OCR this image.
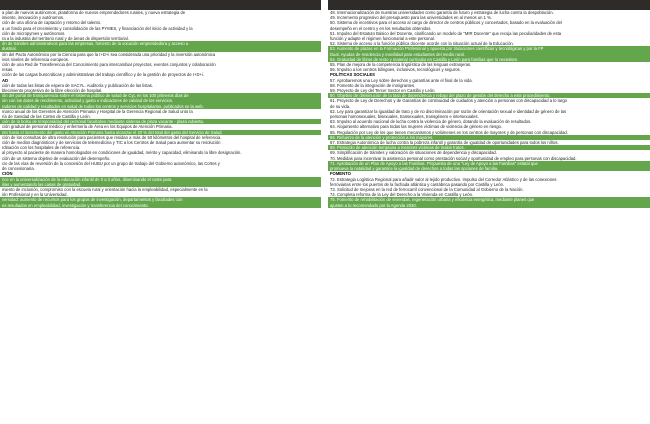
a plan de nuevos autónomos, plataforma de nuevos emprendedores rurales, y nueva estrategia de
imiento, innovación y autónomos.
ción de una oficina de captación y retorno del talento.
a un fondo para el crecimiento y consolidación de las PYMES, y financiación del inicio de actividad y la
ción de micropymes y autónomos.
ra a la industria del territorio rural y de áreas de dispersión territorial.
ón de trámites administrativos para las empresas, fomento de la vocación emprendedora y acceso a
dustrial.
ión del Pacto Autonómico por la Ciencia para que la I+D+i sea considerada una prioridad y la inversión autonómica
ivos niveles de referencia europeos.
ción de una Red de Transferencia del Conocimiento para intercambiar proyectos, eventos conjuntos y colaboración
resas.
cción de las cargas burocráticas y administrativas del trabajo científico y de la gestión de proyectos de I+D+i.
AD
ción de todas las listas de espera de SACYL. Auditoría y publicación de las listas.
blecimiento progresivo de la libre elección de hospital.
ión del portal de transparencia sobre el sistema público de salud de CyL en los 100 primeros días de
ión con los datos de rendimiento, actividad y gasto e indicadores de calidad de los servicios.
radores de calidad y resultados en salud de todos los centros y servicios hospitalarios, publicados en la web.
marco anual de los Gerentes de Atención Primaria y Hospital de la Gerencia Regional de Salud unto la
ría de Sanidad de las Cortes de Castilla y León.
ción de la bolsa de temporalidad del personal facultativo mediante sistema de plaza vacante - plaza cubierta.
ción gradual de personal médico y enfermería de Área en los Equipos de Atención Primaria.
nto hasta el incremento del gasto en Atención Primaria hasta alcanzar el 20 % del total del gasto del Servicio de Salud.
ción de los consultas de ultra resolución para pacientes que residan a más de 50 kilómetros del hospital de referencia.
ción de medios diagnósticos y de servicios de telemedicina y TIC a los Centros de Salud para aumentar su resolución
rdinación con los hospitales de referencia.
al proyecto al paciente de manera homologados en condiciones de igualdad, mérito y capacidad, eliminando la libre designación.
ción de un sistema objetivo de evaluación del desempeño.
cio de las vías de reversión de la concesión del HUBU por un grupo de trabajo del Gobierno autonómico, las Cortes y
de concesionaria.
CIÓN
nce en la universalización de la educación infantil de 0 a 3 años, diseminando el coste para
ilias y aumentando las casas de gratuidad.
miento de inclusión, compromiso con la escuela rural y orientación hacia la empleabilidad, especialmente en la
ión Profesional y en la Universidad.
versidad: aumento de recursos para los grupos de investigación, departamentos y facultades con
es resultados en empleabilidad, investigación y transferencia del conocimiento.
48. Internacionalización de nuestras universidades como garantía de futuro y estrategia de lucha contra la despoblación.
49. Incremento progresivo del presupuesto para las universidades en al menos un 1 %.
50. Sistema de incentivos para el acceso al cargo de director de centros públicos y concertados, basado en la evaluación del
desempeño en el centro y en los resultados obtenidos.
51. Impulso del Estatuto Básico del Docente, clarificando un modelo de "MIR Docente" que recoja las peculiaridades de esta
función y adapte el régimen funcionarial a este personal.
52. Sistema de acceso a la función pública docente acorde con la situación actual de la Educación.
53. Aumento de plazas en la Formación Profesional y apuesta por titulaciones científicas y tecnológicas y por la FP
Dual. Ayudas de residencia y movilidad para estudiantes del medio rural.
54. Gratuidad de libros de texto y material curricular en Castilla y León para familias que lo necesiten.
55. Plan de mejora de la competencia lingüística de las lenguas extranjeras.
56. Impulso a los centros bilingües, inclusivos, tecnológicos y seguros.
POLÍTICAS SOCIALES
57. Aprobaremos una Ley sobre derechos y garantías ante el final de la vida.
58. Fomento de la integración de inmigrantes.
59. Proyecto de Ley del Tercer Sector en Castilla y León.
60. Objetivo de disminución de la tasa de dependencia y rebajo del plazo de gestión del derecho a este procedimiento.
61. Proyecto de Ley de Derechos y de Garantías de continuidad de cuidados y atención a personas con discapacidad a lo largo
de su vida.
62. Ley para garantizar la igualdad de trato y de no discriminación por razón de orientación sexual e identidad de género de las
personas homosexuales, bisexuales, transexuales, transgénero e intersexuales.
63. Impulso al acuerdo nacional de lucha contra la violencia de género, dotando la evaluación de resultados.
64. Alojamiento alternativo para todas las mujeres víctimas de violencia de género en riesgo.
65. Regulación por Ley de los que tienen mecanismos y volúmenes en los centros de mayores y de personas con discapacidad.
66. Refuerzo de la atención y protección a los mayores.
67. Estrategia Autonómica de lucha contra la pobreza infantil y garantía de igualdad de oportunidades para todos los niños.
68. Protocolo de atención temprana a menores víctimas de malos tratos.
69. Simplificación de trámites y valoración de situaciones de dependencia y discapacidad.
70. Medidas para incentivar la asistencia personal como prestación social y oportunidad de empleo para personas con discapacidad.
71. Aprobación de un Plan de Apoyo a las Familias. Propuesta de una "Ley de Apoyo a las Familias" estatal que
promueva la natalidad y garantice la igualdad de derechos a todas las opciones de familia.
FOMENTO
72. Estrategia Logística Regional para añadir valor al tejido productivo. Impulso del Corredor Atlántico y de las conexiones
ferroviarias entre los puertos de la fachada atlántica y cantábrica pasando por Castilla y León.
73. Solicitud de mejoras en la red de ferrocarril convencional de la Comunidad al Gobierno de la Nación.
74. Completa reforma de la Ley del Derecho a la Vivienda en Castilla y León.
75. Fomento de rehabilitación de viviendas, regeneración urbana y eficiencia energética, mediante planes que
ajusten a lo recomendado por la Agenda 2030.
